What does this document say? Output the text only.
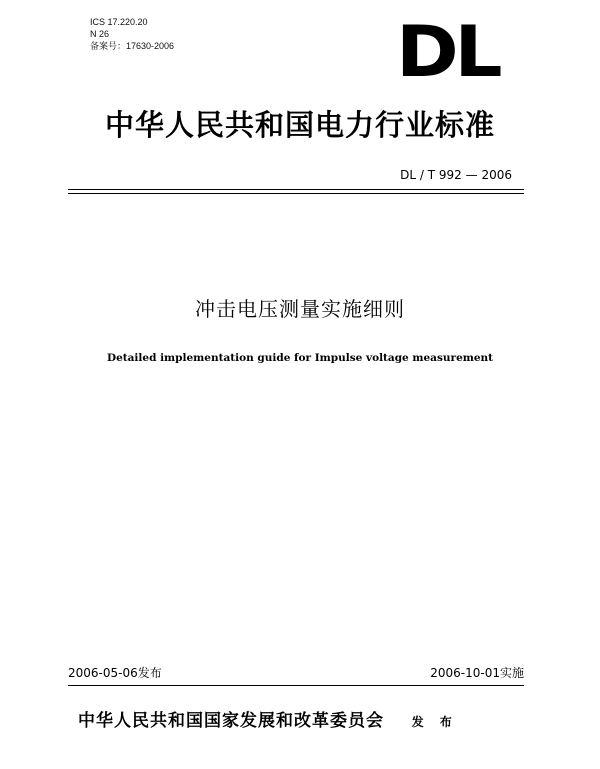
ICS 17.220.20
N 26
备案号：17630-2006	DL
中华人民共和国电力行业标准
DL / T 992 — 2006
冲击电压测量实施细则
Detailed implementation guide for Impulse voltage measurement
2006-05-06发布	2006-10-01实施
中华人民共和国国家发展和改革委员会 发 布
